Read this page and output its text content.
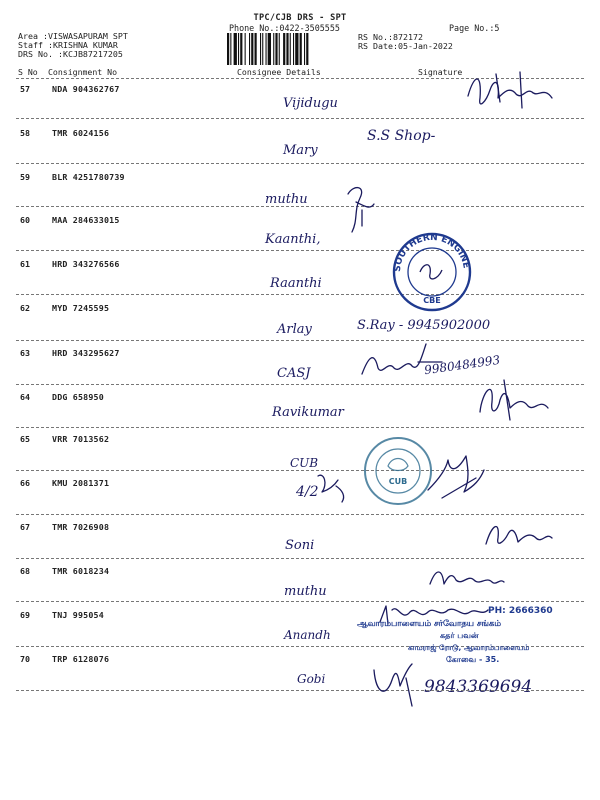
TPC/CJB DRS - SPT
Phone No.:0422-3505555	Page No.:5
Area :VISWASAPURAM SPT
Staff :KRISHNA KUMAR
DRS No. :KCJB87217205
RS No.:872172
RS Date:05-Jan-2022
S No Consignment No	Consignee Details	Signature
57	NDA 904362767
Vijidugu
58	TMR 6024156
Mary
S.S Shop-
59	BLR 4251780739
muthu
60	MAA 284633015
Kaanthi,
61	HRD 343276566
Raanthi
62	MYD 7245595
Arlay	S.Ray - 9945902000
63	HRD 343295627
CASJ	9980484993
64	DDG 658950
Ravikumar
65	VRR 7013562
CUB
66	KMU 2081371
4/2
67	TMR 7026908
Soni
68	TMR 6018234
muthu
69	TNJ 995054
Anandh
70	TRP 6128076
Gobi	9843369694
SOUTHERN ENGINE
CBE
CUB
PH: 2666360
ஆவாரம்பாளையம் சர்வோதய சங்கம்
கதர் பவன்
காமராஜ் ரோடு, ஆவாரம்பாளையம்
கோவை - 35.
